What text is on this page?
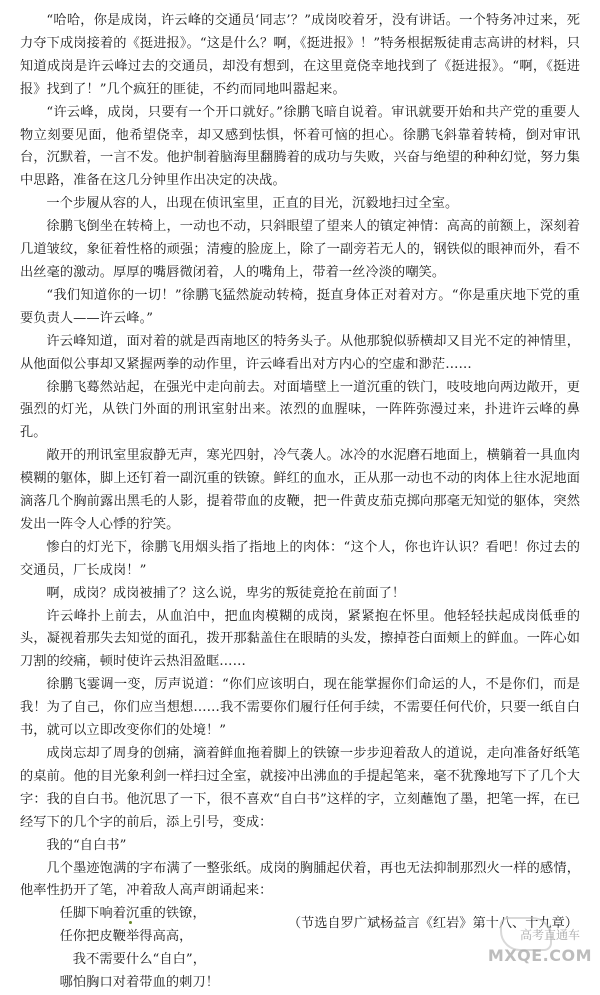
“哈哈，你是成岗，许云峰的交通员‘同志’？”成岗咬着牙，没有讲话。一个特务冲过来，死力夺下成岗接着的《挺进报》。“这是什么？啊，《挺进报》！”特务根据叛徒甫志高讲的材料，只知道成岗是许云峰过去的交通员，却没有想到，在这里竟侥幸地找到了《挺进报》。“啊，《挺进报》找到了！”几个疯狂的匪徒，不约而同地叫嚣起来。

“许云峰，成岗，只要有一个开口就好。”徐鹏飞暗自说着。审讯就要开始和共产党的重要人物立刻要见面，他希望侥幸，却又感到怯惧，怀着可恼的担心。徐鹏飞斜靠着转椅，倒对审讯台，沉默着，一言不发。他护制着脑海里翻腾着的成功与失败，兴奋与绝望的种种幻觉，努力集中思路，准备在这几分钟里作出决定的决战。

一个步履从容的人，出现在侦讯室里，正直的目光，沉毅地扫过全室。

徐鹏飞倒坐在转椅上，一动也不动，只斜眼望了望来人的镇定神情：高高的前额上，深刻着几道皱纹，象征着性格的顽强；清瘦的脸庞上，除了一副旁若无人的，钢铁似的眼神而外，看不出丝毫的激动。厚厚的嘴唇微闭着，人的嘴角上，带着一丝冷淡的嘲笑。

“我们知道你的一切！”徐鹏飞猛然旋动转椅，挺直身体正对着对方。“你是重庆地下党的重要负责人——许云峰。”

许云峰知道，面对着的就是西南地区的特务头子。从他那貌似骄横却又目光不定的神情里，从他面似公事却又紧握两拳的动作里，许云峰看出对方内心的空虚和渺茫……

徐鹏飞蓦然站起，在强光中走向前去。对面墙壁上一道沉重的铁门，吱吱地向两边敞开，更强烈的灯光，从铁门外面的刑讯室射出来。浓烈的血腥味，一阵阵弥漫过来，扑进许云峰的鼻孔。

敞开的刑讯室里寂静无声，寒光四射，冷气袭人。冰冷的水泥磨石地面上，横躺着一具血肉模糊的躯体，脚上还钉着一副沉重的铁镣。鲜红的血水，正从那一动也不动的肉体上往水泥地面滴落几个胸前露出黑毛的人影，提着带血的皮鞭，把一件黄皮茄克掷向那毫无知觉的躯体，突然发出一阵令人心悸的狞笑。

惨白的灯光下，徐鹏飞用烟头指了指地上的肉体：“这个人，你也许认识？看吧！你过去的交通员，厂长成岗！”

啊，成岗？成岗被捕了？这么说，卑劣的叛徒竟抢在前面了！

许云峰扑上前去，从血泊中，把血肉模糊的成岗，紧紧抱在怀里。他轻轻扶起成岗低垂的头，凝视着那失去知觉的面孔，拨开那黏盖住在眼睛的头发，擦掉苍白面颊上的鲜血。一阵心如刀割的绞痛，顿时使许云热泪盈眶……

徐鹏飞霎调一变，厉声说道：“你们应该明白，现在能掌握你们命运的人，不是你们，而是我！为了自己，你们应当想想……我不需要你们履行任何手续，不需要任何代价，只要一纸自白书，就可以立即改变你们的处境！”

成岗忘却了周身的创痛，滴着鲜血拖着脚上的铁镣一步步迎着敌人的道说，走向准备好纸笔的桌前。他的目光象利剑一样扫过全室，就接冲出沸血的手提起笔来，毫不犹豫地写下了几个大字：我的自白书。他沉思了一下，很不喜欢“自白书”这样的字，立刻蘸饱了墨，把笔一挥，在已经写下的几个字的前后，添上引号，变成：

我的“自白书”

几个墨迹饱满的字布满了一整张纸。成岗的胸脯起伏着，再也无法抑制那烈火一样的感情，他率性扔开了笔，冲着敌人高声朗诵起来：

任脚下响着沉重的铁镣，
任你把皮鞭举得高高，
我不需要什么“自白”，
哪怕胸口对着带血的刺刀！
（节选自罗广斌杨益言《红岩》第十八、十九章）
高考直通车
MXQE.COM
